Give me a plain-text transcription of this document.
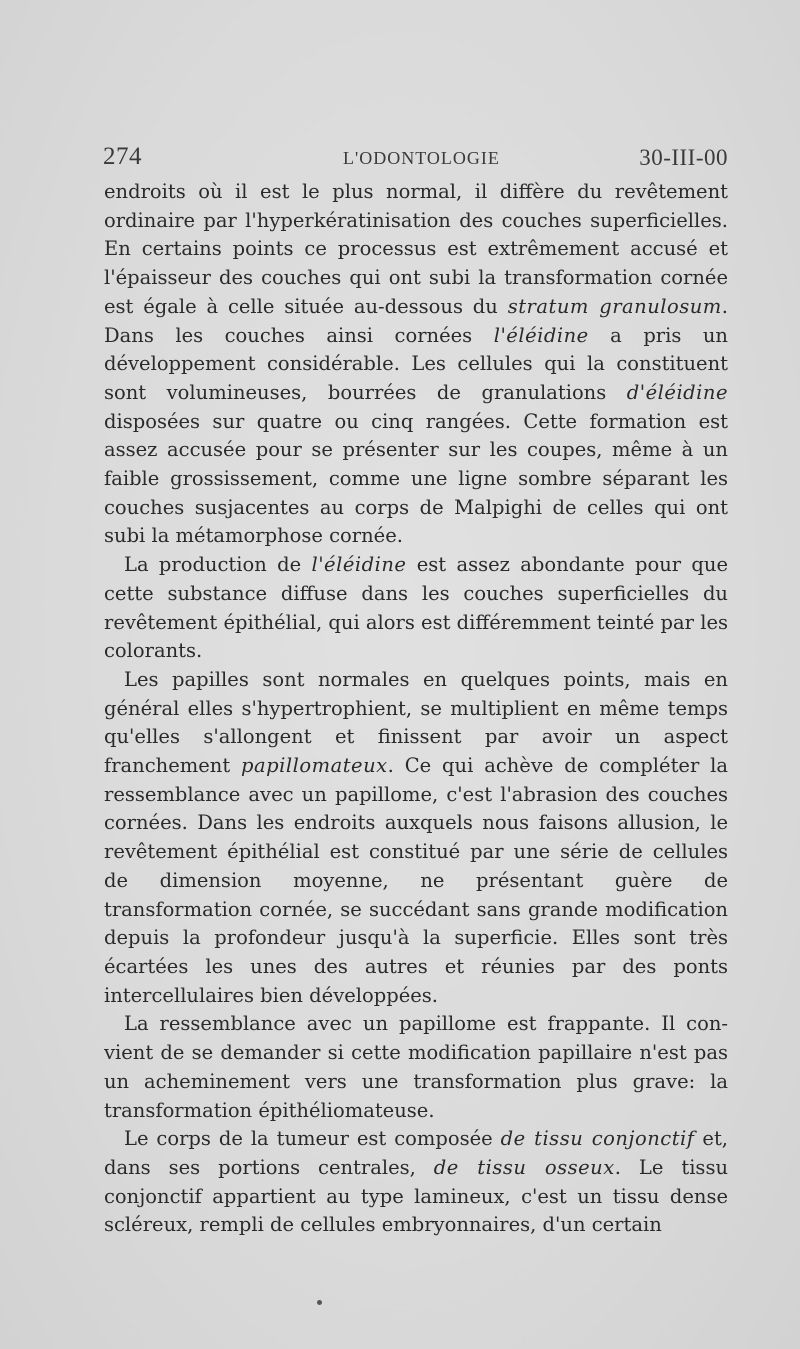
274	L'ODONTOLOGIE	30-III-00

endroits où il est le plus normal, il diffère du revêtement ordinaire par l'hyperkératinisation des couches superficielles. En certains points ce processus est extrêmement accusé et l'épaisseur des couches qui ont subi la transformation cornée est égale à celle située au-dessous du stratum granulosum. Dans les couches ainsi cornées l'éléidine a pris un développement considérable. Les cellules qui la constituent sont volumineuses, bourrées de granulations d'éléidine disposées sur quatre ou cinq rangées. Cette formation est assez accusée pour se présenter sur les coupes, même à un faible grossissement, comme une ligne sombre séparant les couches susjacentes au corps de Malpighi de celles qui ont subi la métamorphose cornée.

La production de l'éléidine est assez abondante pour que cette substance diffuse dans les couches superficielles du revêtement épithélial, qui alors est différemment teinté par les colorants.

Les papilles sont normales en quelques points, mais en général elles s'hypertrophient, se multiplient en même temps qu'elles s'allongent et finissent par avoir un aspect franchement papillomateux. Ce qui achève de compléter la ressemblance avec un papillome, c'est l'abrasion des couches cornées. Dans les endroits auxquels nous faisons allusion, le revêtement épithélial est constitué par une série de cellules de dimension moyenne, ne présentant guère de transformation cornée, se succédant sans grande modification depuis la profondeur jusqu'à la superficie. Elles sont très écartées les unes des autres et réunies par des ponts intercellulaires bien développées.

La ressemblance avec un papillome est frappante. Il convient de se demander si cette modification papillaire n'est pas un acheminement vers une transformation plus grave: la transformation épithéliomateuse.

Le corps de la tumeur est composée de tissu conjonctif et, dans ses portions centrales, de tissu osseux. Le tissu conjonctif appartient au type lamineux, c'est un tissu dense scléreux, rempli de cellules embryonnaires, d'un certain
